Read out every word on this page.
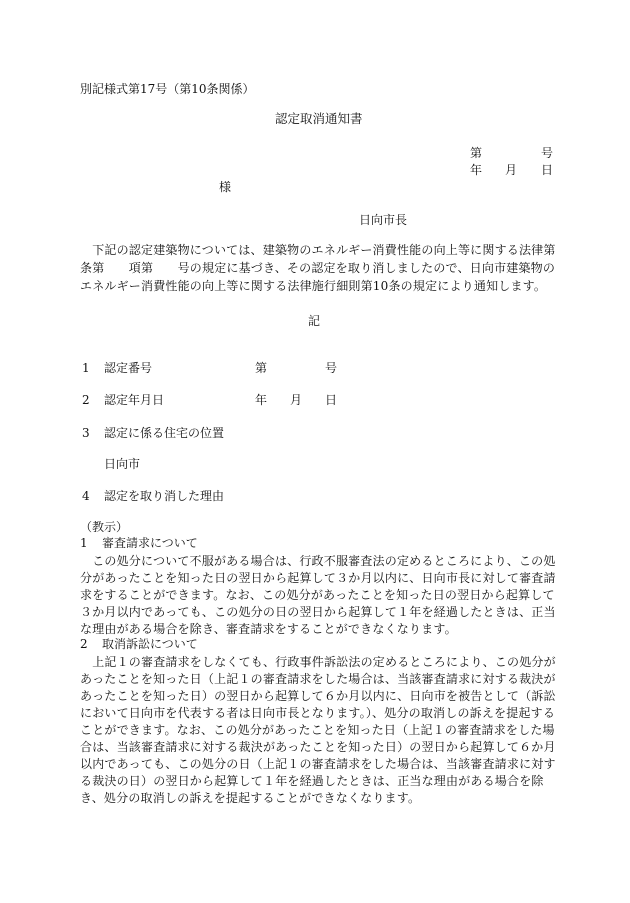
別記様式第17号（第10条関係）
認定取消通知書
第	号
年 月 日
様
日向市長
　下記の認定建築物については、建築物のエネルギー消費性能の向上等に関する法律第　　条第　　項第　　号の規定に基づき、その認定を取り消しましたので、日向市建築物のエネルギー消費性能の向上等に関する法律施行細則第10条の規定により通知します。
記
1 認定番号	第	号
2 認定年月日	年 月 日
3 認定に係る住宅の位置
日向市
4 認定を取り消した理由
（教示）
1 審査請求について
　この処分について不服がある場合は、行政不服審査法の定めるところにより、この処分があったことを知った日の翌日から起算して３か月以内に、日向市長に対して審査請求をすることができます。なお、この処分があったことを知った日の翌日から起算して３か月以内であっても、この処分の日の翌日から起算して１年を経過したときは、正当な理由がある場合を除き、審査請求をすることができなくなります。
2 取消訴訟について
　上記１の審査請求をしなくても、行政事件訴訟法の定めるところにより、この処分があったことを知った日（上記１の審査請求をした場合は、当該審査請求に対する裁決があったことを知った日）の翌日から起算して６か月以内に、日向市を被告として（訴訟において日向市を代表する者は日向市長となります。）、処分の取消しの訴えを提起することができます。なお、この処分があったことを知った日（上記１の審査請求をした場合は、当該審査請求に対する裁決があったことを知った日）の翌日から起算して６か月以内であっても、この処分の日（上記１の審査請求をした場合は、当該審査請求に対する裁決の日）の翌日から起算して１年を経過したときは、正当な理由がある場合を除き、処分の取消しの訴えを提起することができなくなります。
